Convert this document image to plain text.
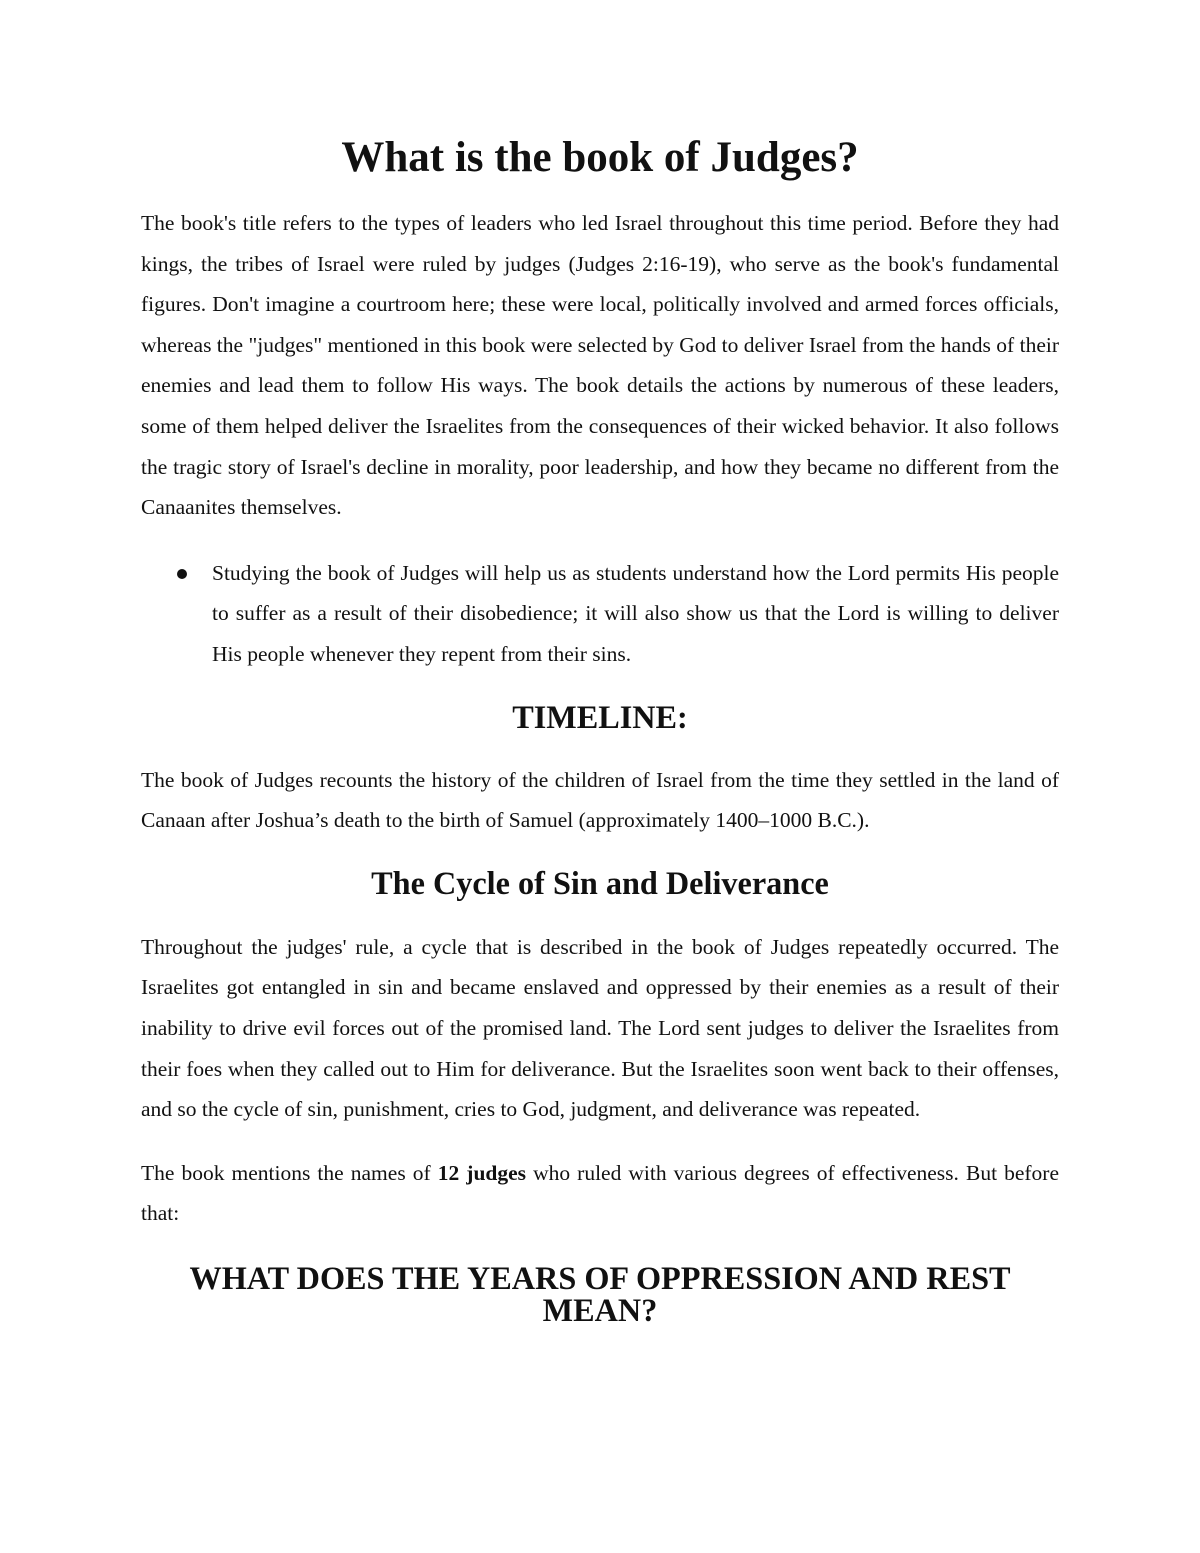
What is the book of Judges?

The book's title refers to the types of leaders who led Israel throughout this time period. Before they had kings, the tribes of Israel were ruled by judges (Judges 2:16-19), who serve as the book's fundamental figures. Don't imagine a courtroom here; these were local, politically involved and armed forces officials, whereas the "judges" mentioned in this book were selected by God to deliver Israel from the hands of their enemies and lead them to follow His ways. The book details the actions by numerous of these leaders, some of them helped deliver the Israelites from the consequences of their wicked behavior. It also follows the tragic story of Israel's decline in morality, poor leadership, and how they became no different from the Canaanites themselves.

Studying the book of Judges will help us as students understand how the Lord permits His people to suffer as a result of their disobedience; it will also show us that the Lord is willing to deliver His people whenever they repent from their sins.
TIMELINE:

The book of Judges recounts the history of the children of Israel from the time they settled in the land of Canaan after Joshua’s death to the birth of Samuel (approximately 1400–1000 B.C.).

The Cycle of Sin and Deliverance

Throughout the judges' rule, a cycle that is described in the book of Judges repeatedly occurred. The Israelites got entangled in sin and became enslaved and oppressed by their enemies as a result of their inability to drive evil forces out of the promised land. The Lord sent judges to deliver the Israelites from their foes when they called out to Him for deliverance. But the Israelites soon went back to their offenses, and so the cycle of sin, punishment, cries to God, judgment, and deliverance was repeated.

The book mentions the names of 12 judges who ruled with various degrees of effectiveness. But before that:

WHAT DOES THE YEARS OF OPPRESSION AND REST MEAN?
